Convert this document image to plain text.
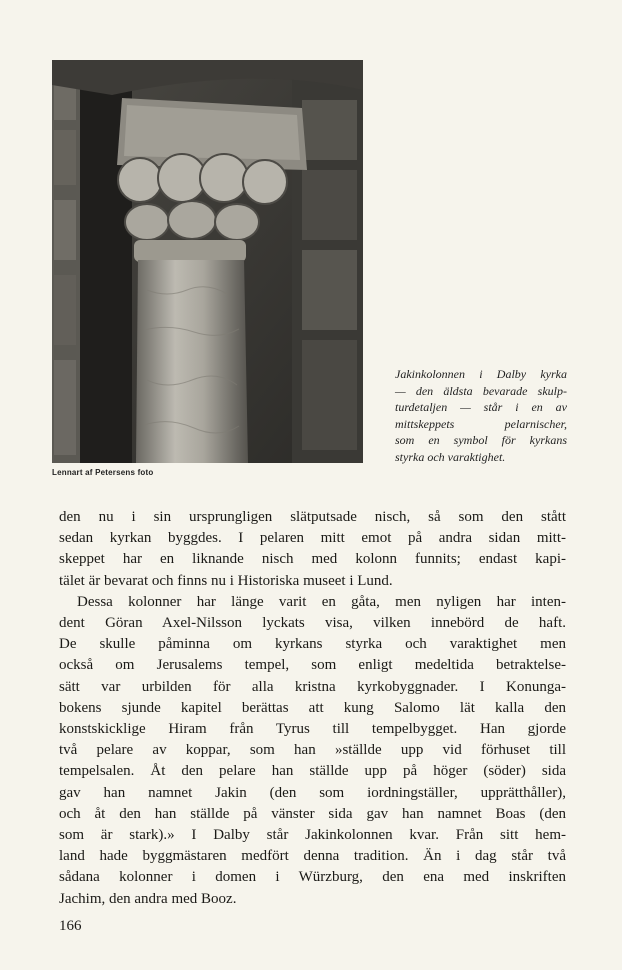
Lennart af Petersens foto
Jakinkolonnen i Dalby kyrka
— den äldsta bevarade skulp-
turdetaljen — står i en av
mittskeppets pelarnischer,
som en symbol för kyrkans
styrka och varaktighet.
den nu i sin ursprungligen slätputsade nisch, så som den stått
sedan kyrkan byggdes. I pelaren mitt emot på andra sidan mitt-
skeppet har en liknande nisch med kolonn funnits; endast kapi-
tälet är bevarat och finns nu i Historiska museet i Lund.
Dessa kolonner har länge varit en gåta, men nyligen har inten-
dent Göran Axel-Nilsson lyckats visa, vilken innebörd de haft.
De skulle påminna om kyrkans styrka och varaktighet men
också om Jerusalems tempel, som enligt medeltida betraktelse-
sätt var urbilden för alla kristna kyrkobyggnader. I Konunga-
bokens sjunde kapitel berättas att kung Salomo lät kalla den
konstskicklige Hiram från Tyrus till tempelbygget. Han gjorde
två pelare av koppar, som han »ställde upp vid förhuset till
tempelsalen. Åt den pelare han ställde upp på höger (söder) sida
gav han namnet Jakin (den som iordningställer, upprätthåller),
och åt den han ställde på vänster sida gav han namnet Boas (den
som är stark).» I Dalby står Jakinkolonnen kvar. Från sitt hem-
land hade byggmästaren medfört denna tradition. Än i dag står två
sådana kolonner i domen i Würzburg, den ena med inskriften
Jachim, den andra med Booz.
166
